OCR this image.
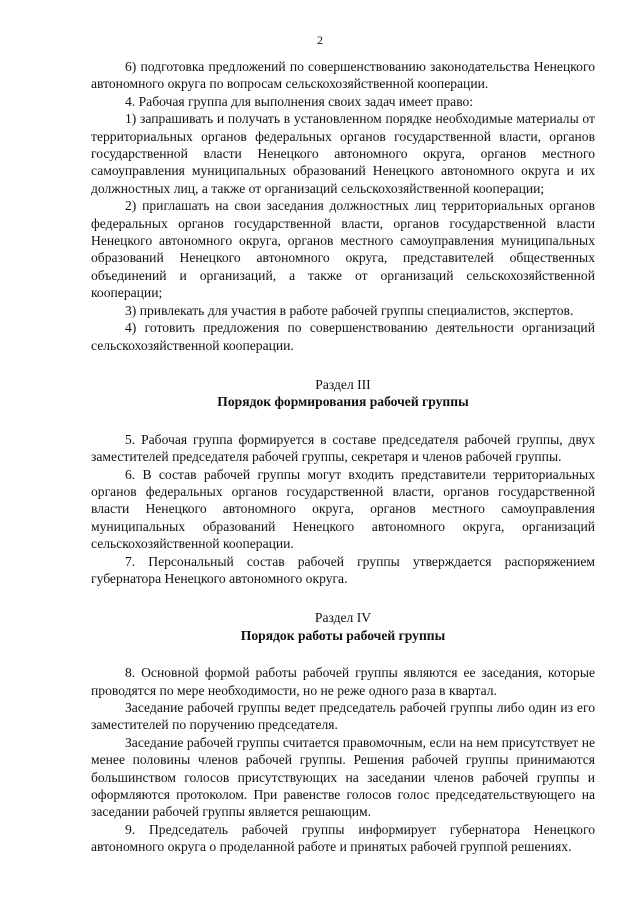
2

6) подготовка предложений по совершенствованию законодательства Ненецкого автономного округа по вопросам сельскохозяйственной кооперации.

4. Рабочая группа для выполнения своих задач имеет право:

1) запрашивать и получать в установленном порядке необходимые материалы от территориальных органов федеральных органов государственной власти, органов государственной власти Ненецкого автономного округа, органов местного самоуправления муниципальных образований Ненецкого автономного округа и их должностных лиц, а также от организаций сельскохозяйственной кооперации;

2) приглашать на свои заседания должностных лиц территориальных органов федеральных органов государственной власти, органов государственной власти Ненецкого автономного округа, органов местного самоуправления муниципальных образований Ненецкого автономного округа, представителей общественных объединений и организаций, а также от организаций сельскохозяйственной кооперации;

3) привлекать для участия в работе рабочей группы специалистов, экспертов.

4) готовить предложения по совершенствованию деятельности организаций сельскохозяйственной кооперации.

Раздел III

Порядок формирования рабочей группы

5. Рабочая группа формируется в составе председателя рабочей группы, двух заместителей председателя рабочей группы, секретаря и членов рабочей группы.

6. В состав рабочей группы могут входить представители территориальных органов федеральных органов государственной власти, органов государственной власти Ненецкого автономного округа, органов местного самоуправления муниципальных образований Ненецкого автономного округа, организаций сельскохозяйственной кооперации.

7. Персональный состав рабочей группы утверждается распоряжением губернатора Ненецкого автономного округа.

Раздел IV

Порядок работы рабочей группы

8. Основной формой работы рабочей группы являются ее заседания, которые проводятся по мере необходимости, но не реже одного раза в квартал.

Заседание рабочей группы ведет председатель рабочей группы либо один из его заместителей по поручению председателя.

Заседание рабочей группы считается правомочным, если на нем присутствует не менее половины членов рабочей группы. Решения рабочей группы принимаются большинством голосов присутствующих на заседании членов рабочей группы и оформляются протоколом. При равенстве голосов голос председательствующего на заседании рабочей группы является решающим.

9. Председатель рабочей группы информирует губернатора Ненецкого автономного округа о проделанной работе и принятых рабочей группой решениях.
